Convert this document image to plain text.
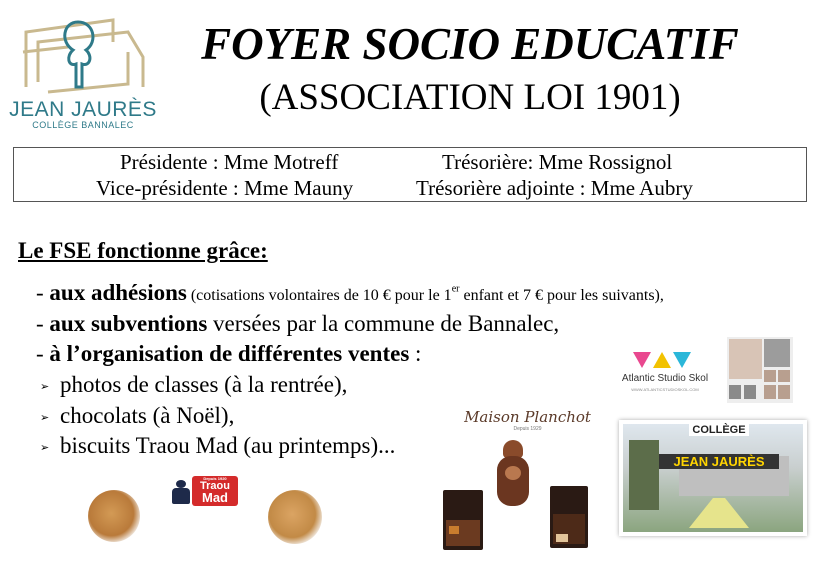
JEAN JAURÈS
COLLÈGE BANNALEC
FOYER SOCIO EDUCATIF
(ASSOCIATION LOI 1901)
Présidente : Mme Motreff	Trésorière: Mme Rossignol
Vice-présidente : Mme Mauny	Trésorière adjointe : Mme Aubry
Le FSE fonctionne grâce:
- aux adhésions (cotisations volontaires de 10 € pour le 1er enfant et 7 € pour les suivants),
- aux subventions versées par la commune de Bannalec,
- à l’organisation de différentes ventes :
➢ photos de classes (à la rentrée),
➢ chocolats (à Noël),
➢ biscuits Traou Mad (au printemps)...
Atlantic Studio Skol
WWW.ATLANTICSTUDIOSKOL.COM
Maison Planchot
Depuis 1929	COLLÈGE
JEAN JAURÈS
Depuis 1920
Traou
Mad
